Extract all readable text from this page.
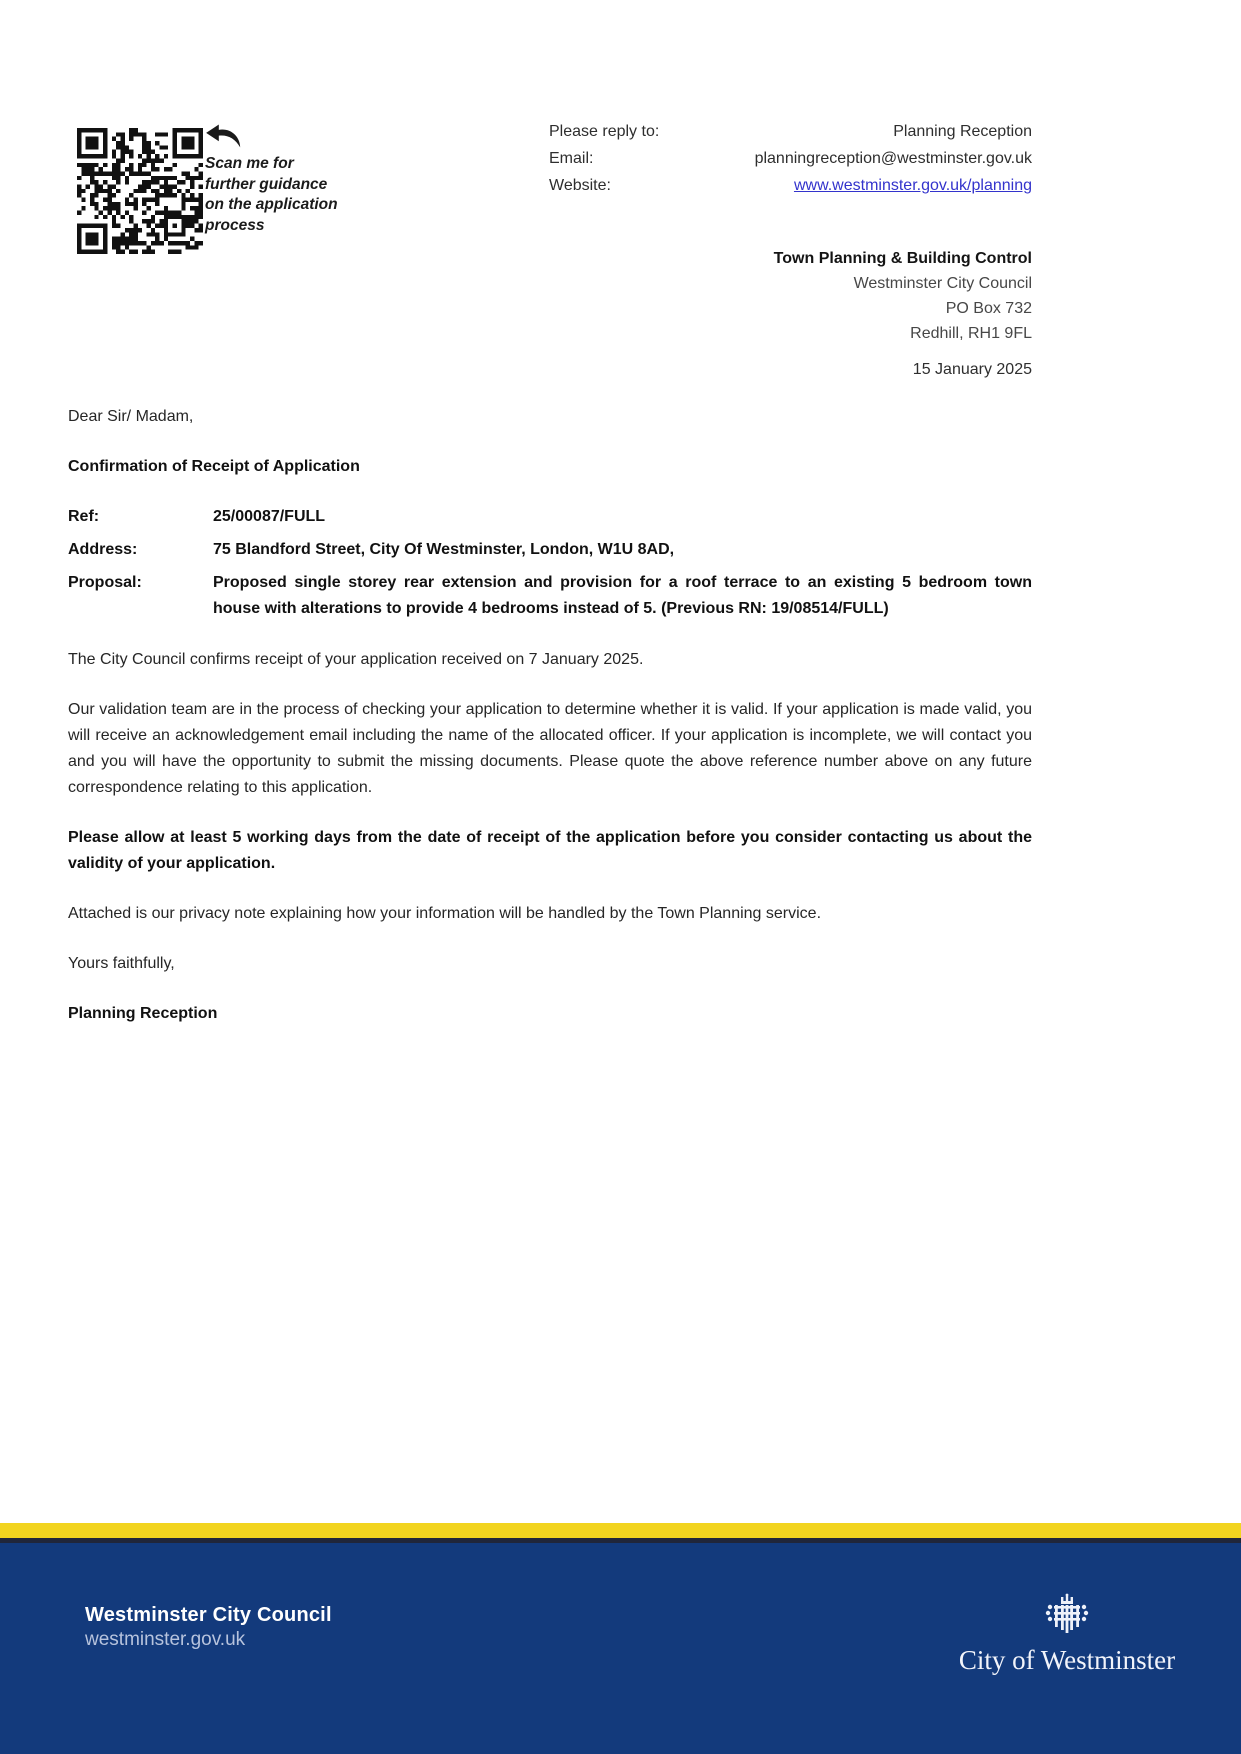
Scan me for
further guidance
on the application
process
Please reply to:	Planning Reception
Email:	planningreception@westminster.gov.uk
Website:	www.westminster.gov.uk/planning
Town Planning & Building Control
Westminster City Council
PO Box 732
Redhill, RH1 9FL
15 January 2025

Dear Sir/ Madam,

Confirmation of Receipt of Application

Ref:	25/00087/FULL
Address:	75 Blandford Street, City Of Westminster, London, W1U 8AD,
Proposal:	Proposed single storey rear extension and provision for a roof terrace to an existing 5 bedroom town house with alterations to provide 4 bedrooms instead of 5. (Previous RN: 19/08514/FULL)

The City Council confirms receipt of your application received on 7 January 2025.

Our validation team are in the process of checking your application to determine whether it is valid. If your application is made valid, you will receive an acknowledgement email including the name of the allocated officer. If your application is incomplete, we will contact you and you will have the opportunity to submit the missing documents. Please quote the above reference number above on any future correspondence relating to this application.

Please allow at least 5 working days from the date of receipt of the application before you consider contacting us about the validity of your application.

Attached is our privacy note explaining how your information will be handled by the Town Planning service.

Yours faithfully,

Planning Reception

Westminster City Council
westminster.gov.uk
City of Westminster
